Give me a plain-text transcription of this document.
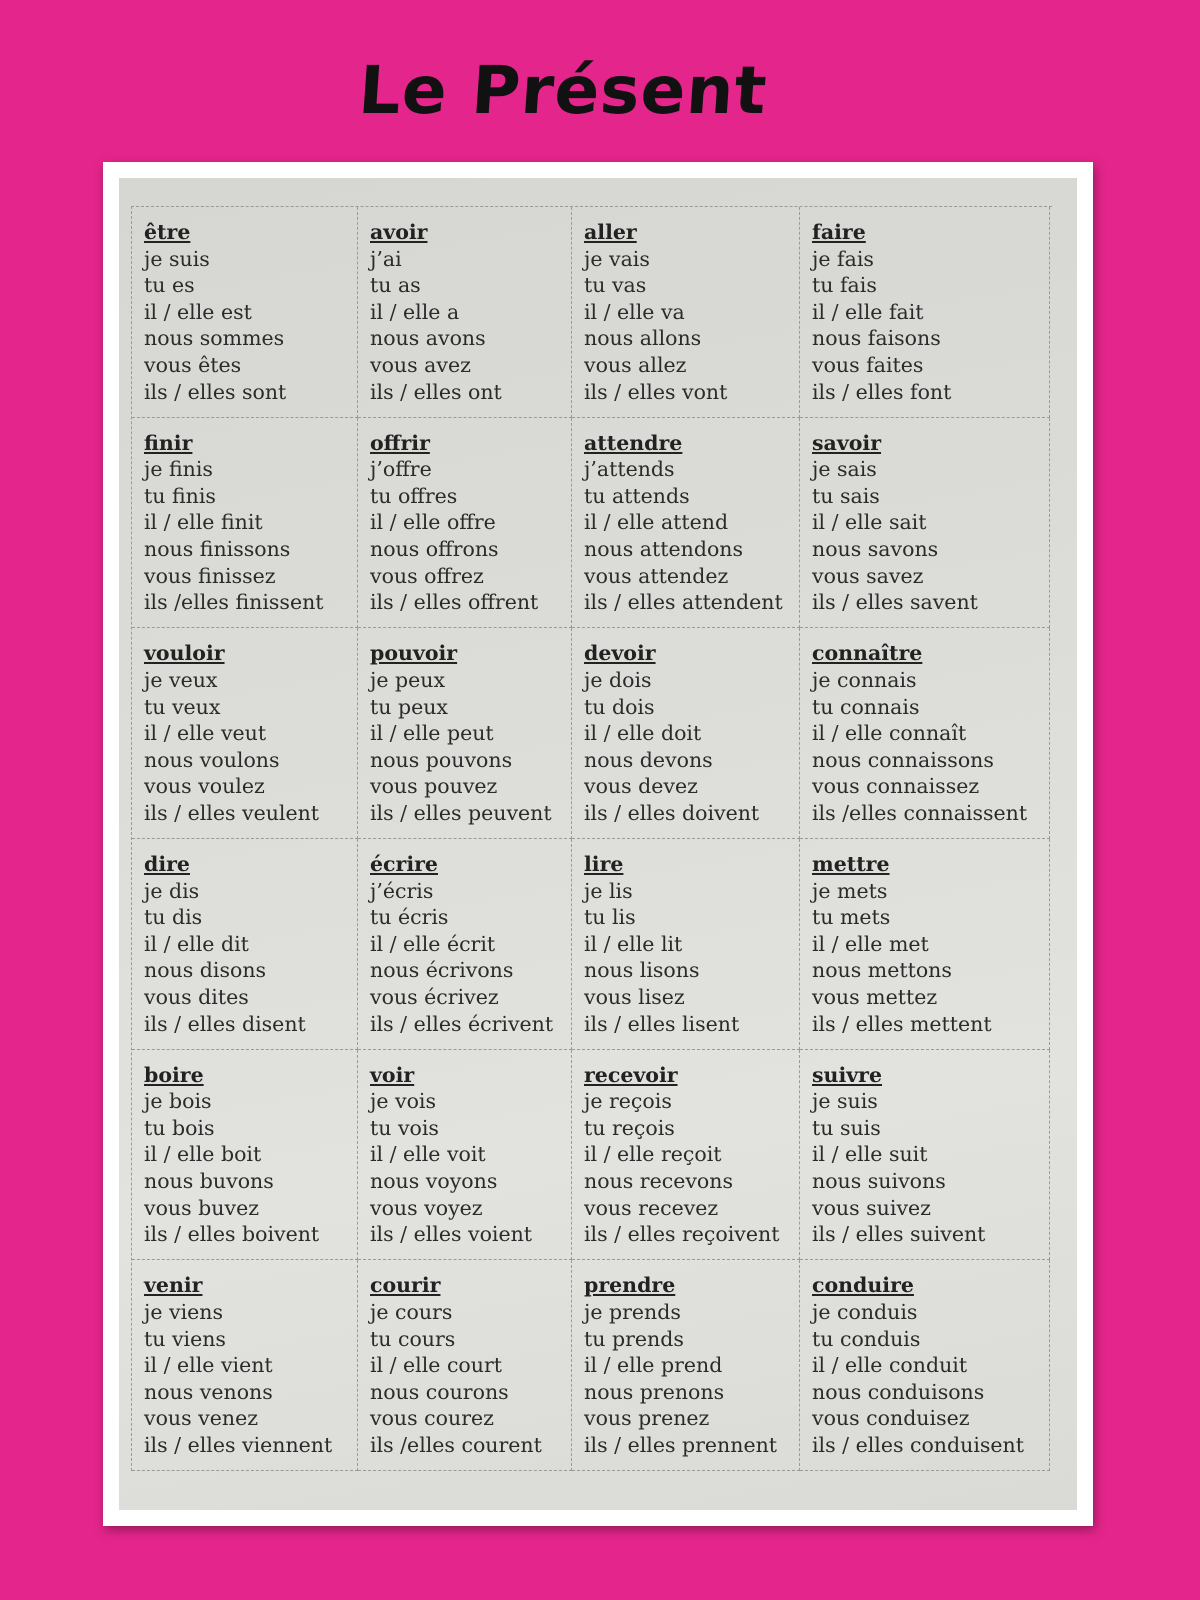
Le Présent
être
je suis
tu es
il / elle est
nous sommes
vous êtes
ils / elles sont
avoir
j’ai
tu as
il / elle a
nous avons
vous avez
ils / elles ont
aller
je vais
tu vas
il / elle va
nous allons
vous allez
ils / elles vont
faire
je fais
tu fais
il / elle fait
nous faisons
vous faites
ils / elles font
finir
je finis
tu finis
il / elle finit
nous finissons
vous finissez
ils /elles finissent
offrir
j’offre
tu offres
il / elle offre
nous offrons
vous offrez
ils / elles offrent
attendre
j’attends
tu attends
il / elle attend
nous attendons
vous attendez
ils / elles attendent
savoir
je sais
tu sais
il / elle sait
nous savons
vous savez
ils / elles savent
vouloir
je veux
tu veux
il / elle veut
nous voulons
vous voulez
ils / elles veulent
pouvoir
je peux
tu peux
il / elle peut
nous pouvons
vous pouvez
ils / elles peuvent
devoir
je dois
tu dois
il / elle doit
nous devons
vous devez
ils / elles doivent
connaître
je connais
tu connais
il / elle connaît
nous connaissons
vous connaissez
ils /elles connaissent
dire
je dis
tu dis
il / elle dit
nous disons
vous dites
ils / elles disent
écrire
j’écris
tu écris
il / elle écrit
nous écrivons
vous écrivez
ils / elles écrivent
lire
je lis
tu lis
il / elle lit
nous lisons
vous lisez
ils / elles lisent
mettre
je mets
tu mets
il / elle met
nous mettons
vous mettez
ils / elles mettent
boire
je bois
tu bois
il / elle boit
nous buvons
vous buvez
ils / elles boivent
voir
je vois
tu vois
il / elle voit
nous voyons
vous voyez
ils / elles voient
recevoir
je reçois
tu reçois
il / elle reçoit
nous recevons
vous recevez
ils / elles reçoivent
suivre
je suis
tu suis
il / elle suit
nous suivons
vous suivez
ils / elles suivent
venir
je viens
tu viens
il / elle vient
nous venons
vous venez
ils / elles viennent
courir
je cours
tu cours
il / elle court
nous courons
vous courez
ils /elles courent
prendre
je prends
tu prends
il / elle prend
nous prenons
vous prenez
ils / elles prennent
conduire
je conduis
tu conduis
il / elle conduit
nous conduisons
vous conduisez
ils / elles conduisent
